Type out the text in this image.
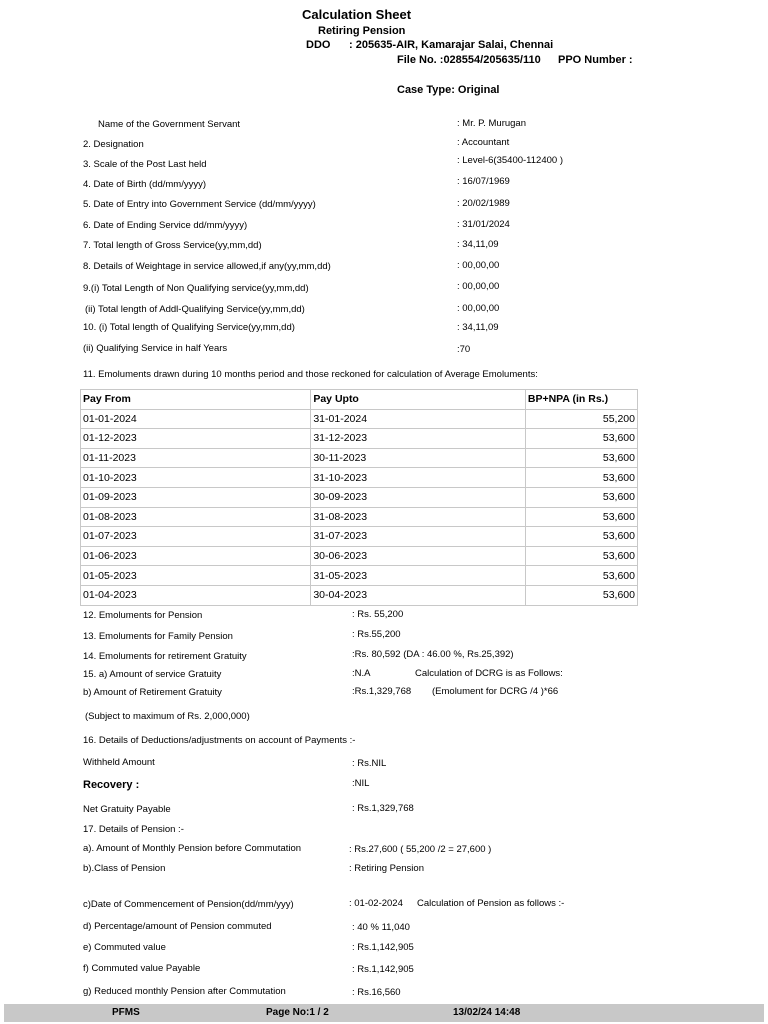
Calculation Sheet
Retiring Pension
DDO : 205635-AIR, Kamarajar Salai, Chennai
File No. :028554/205635/110 PPO Number :
Case Type: Original
Name of the Government Servant	: Mr. P. Murugan
2. Designation	: Accountant
3. Scale of the Post Last held	: Level-6(35400-112400 )
4. Date of Birth (dd/mm/yyyy)	: 16/07/1969
5. Date of Entry into Government Service (dd/mm/yyyy)	: 20/02/1989
6. Date of Ending Service dd/mm/yyyy)	: 31/01/2024
7. Total length of Gross Service(yy,mm,dd)	: 34,11,09
8. Details of Weightage in service allowed,if any(yy,mm,dd)	: 00,00,00
9.(i) Total Length of Non Qualifying service(yy,mm,dd)	: 00,00,00
(ii) Total length of Addl-Qualifying Service(yy,mm,dd)	: 00,00,00
10. (i) Total length of Qualifying Service(yy,mm,dd)	: 34,11,09
(ii) Qualifying Service in half Years	:70
11. Emoluments drawn during 10 months period and those reckoned for calculation of Average Emoluments:
Pay From	Pay Upto	BP+NPA (in Rs.)
01-01-2024	31-01-2024	55,200
01-12-2023	31-12-2023	53,600
01-11-2023	30-11-2023	53,600
01-10-2023	31-10-2023	53,600
01-09-2023	30-09-2023	53,600
01-08-2023	31-08-2023	53,600
01-07-2023	31-07-2023	53,600
01-06-2023	30-06-2023	53,600
01-05-2023	31-05-2023	53,600
01-04-2023	30-04-2023	53,600
12. Emoluments for Pension	: Rs. 55,200
13. Emoluments for Family Pension	: Rs.55,200
14. Emoluments for retirement Gratuity	:Rs. 80,592 (DA : 46.00 %, Rs.25,392)
15. a) Amount of service Gratuity	:N.A	Calculation of DCRG is as Follows:
b) Amount of Retirement Gratuity	:Rs.1,329,768 (Emolument for DCRG /4 )*66
(Subject to maximum of Rs. 2,000,000)
16. Details of Deductions/adjustments on account of Payments :-
Withheld Amount	: Rs.NIL
Recovery :	:NIL
Net Gratuity Payable	: Rs.1,329,768
17. Details of Pension :-
a). Amount of Monthly Pension before Commutation	: Rs.27,600 ( 55,200 /2 = 27,600 )
b).Class of Pension	: Retiring Pension
c)Date of Commencement of Pension(dd/mm/yyy)	: 01-02-2024 Calculation of Pension as follows :-
d) Percentage/amount of Pension commuted	: 40 % 11,040
e) Commuted value	: Rs.1,142,905
f) Commuted value Payable	: Rs.1,142,905
g) Reduced monthly Pension after Commutation	: Rs.16,560
PFMS	Page No:1 / 2	13/02/24 14:48
